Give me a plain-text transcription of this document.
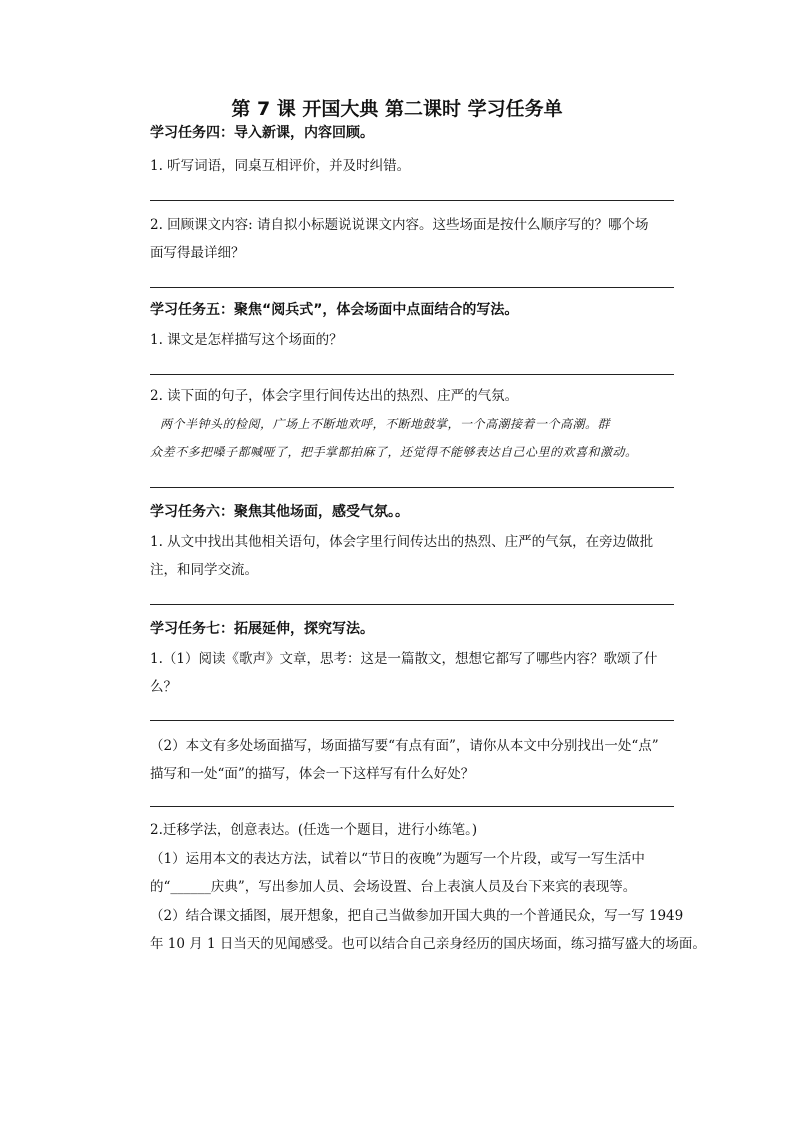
第 7 课 开国大典 第二课时 学习任务单
学习任务四：导入新课，内容回顾。
1. 听写词语，同桌互相评价，并及时纠错。
2. 回顾课文内容: 请自拟小标题说说课文内容。这些场面是按什么顺序写的？哪个场
面写得最详细？
学习任务五：聚焦“阅兵式”，体会场面中点面结合的写法。
1. 课文是怎样描写这个场面的？
2. 读下面的句子，体会字里行间传达出的热烈、庄严的气氛。
两个半钟头的检阅，广场上不断地欢呼，不断地鼓掌，一个高潮接着一个高潮。群
众差不多把嗓子都喊哑了，把手掌都拍麻了，还觉得不能够表达自己心里的欢喜和激动。
学习任务六：聚焦其他场面，感受气氛。。
1. 从文中找出其他相关语句，体会字里行间传达出的热烈、庄严的气氛，在旁边做批
注，和同学交流。
学习任务七：拓展延伸，探究写法。
1.（1）阅读《歌声》文章，思考：这是一篇散文，想想它都写了哪些内容？歌颂了什
么？
（2）本文有多处场面描写，场面描写要“有点有面”，请你从本文中分别找出一处“点”
描写和一处“面”的描写，体会一下这样写有什么好处？
2.迁移学法，创意表达。(任选一个题目，进行小练笔。)
（1）运用本文的表达方法，试着以“节日的夜晚”为题写一个片段，或写一写生活中
的“______庆典”，写出参加人员、会场设置、台上表演人员及台下来宾的表现等。
（2）结合课文插图，展开想象，把自己当做参加开国大典的一个普通民众，写一写 1949
年 10 月 1 日当天的见闻感受。也可以结合自己亲身经历的国庆场面，练习描写盛大的场面。
